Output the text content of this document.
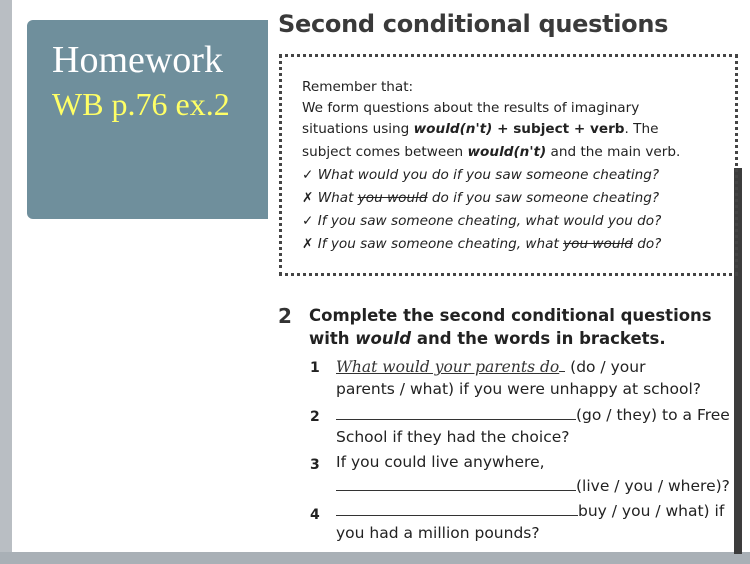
Homework
WB p.76 ex.2
Second conditional questions
Remember that:
We form questions about the results of imaginary
situations using would(n't) + subject + verb. The
subject comes between would(n't) and the main verb.
✓ What would you do if you saw someone cheating?
✗ What you would do if you saw someone cheating?
✓ If you saw someone cheating, what would you do?
✗ If you saw someone cheating, what you would do?
2 Complete the second conditional questions
with would and the words in brackets.
1 What would your parents do (do / your
parents / what) if you were unhappy at school?
2	(go / they) to a Free
School if they had the choice?
3 If you could live anywhere,
(live / you / where)?
4	buy / you / what) if
you had a million pounds?
